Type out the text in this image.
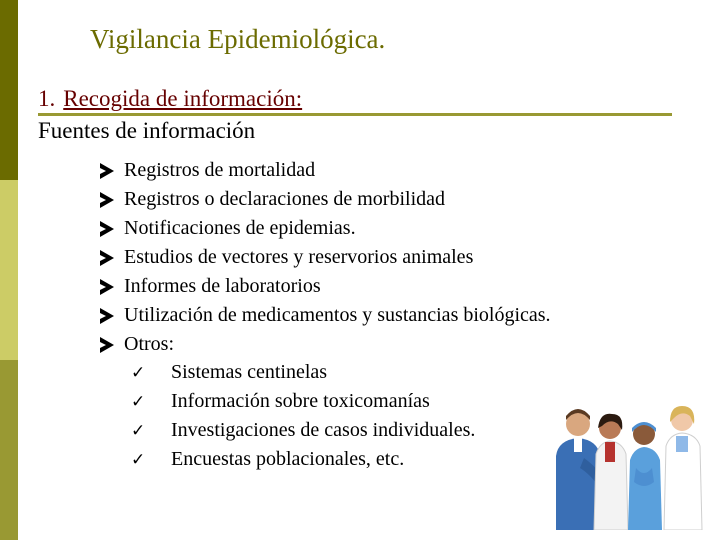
Vigilancia Epidemiológica.
1. Recogida de información:
Fuentes de información
Registros de mortalidad
Registros o declaraciones de morbilidad
Notificaciones de epidemias.
Estudios de vectores y reservorios animales
Informes de laboratorios
Utilización de medicamentos y sustancias biológicas.
Otros:
✓ Sistemas centinelas
✓ Información sobre toxicomanías
✓ Investigaciones de casos individuales.
✓ Encuestas poblacionales, etc.
